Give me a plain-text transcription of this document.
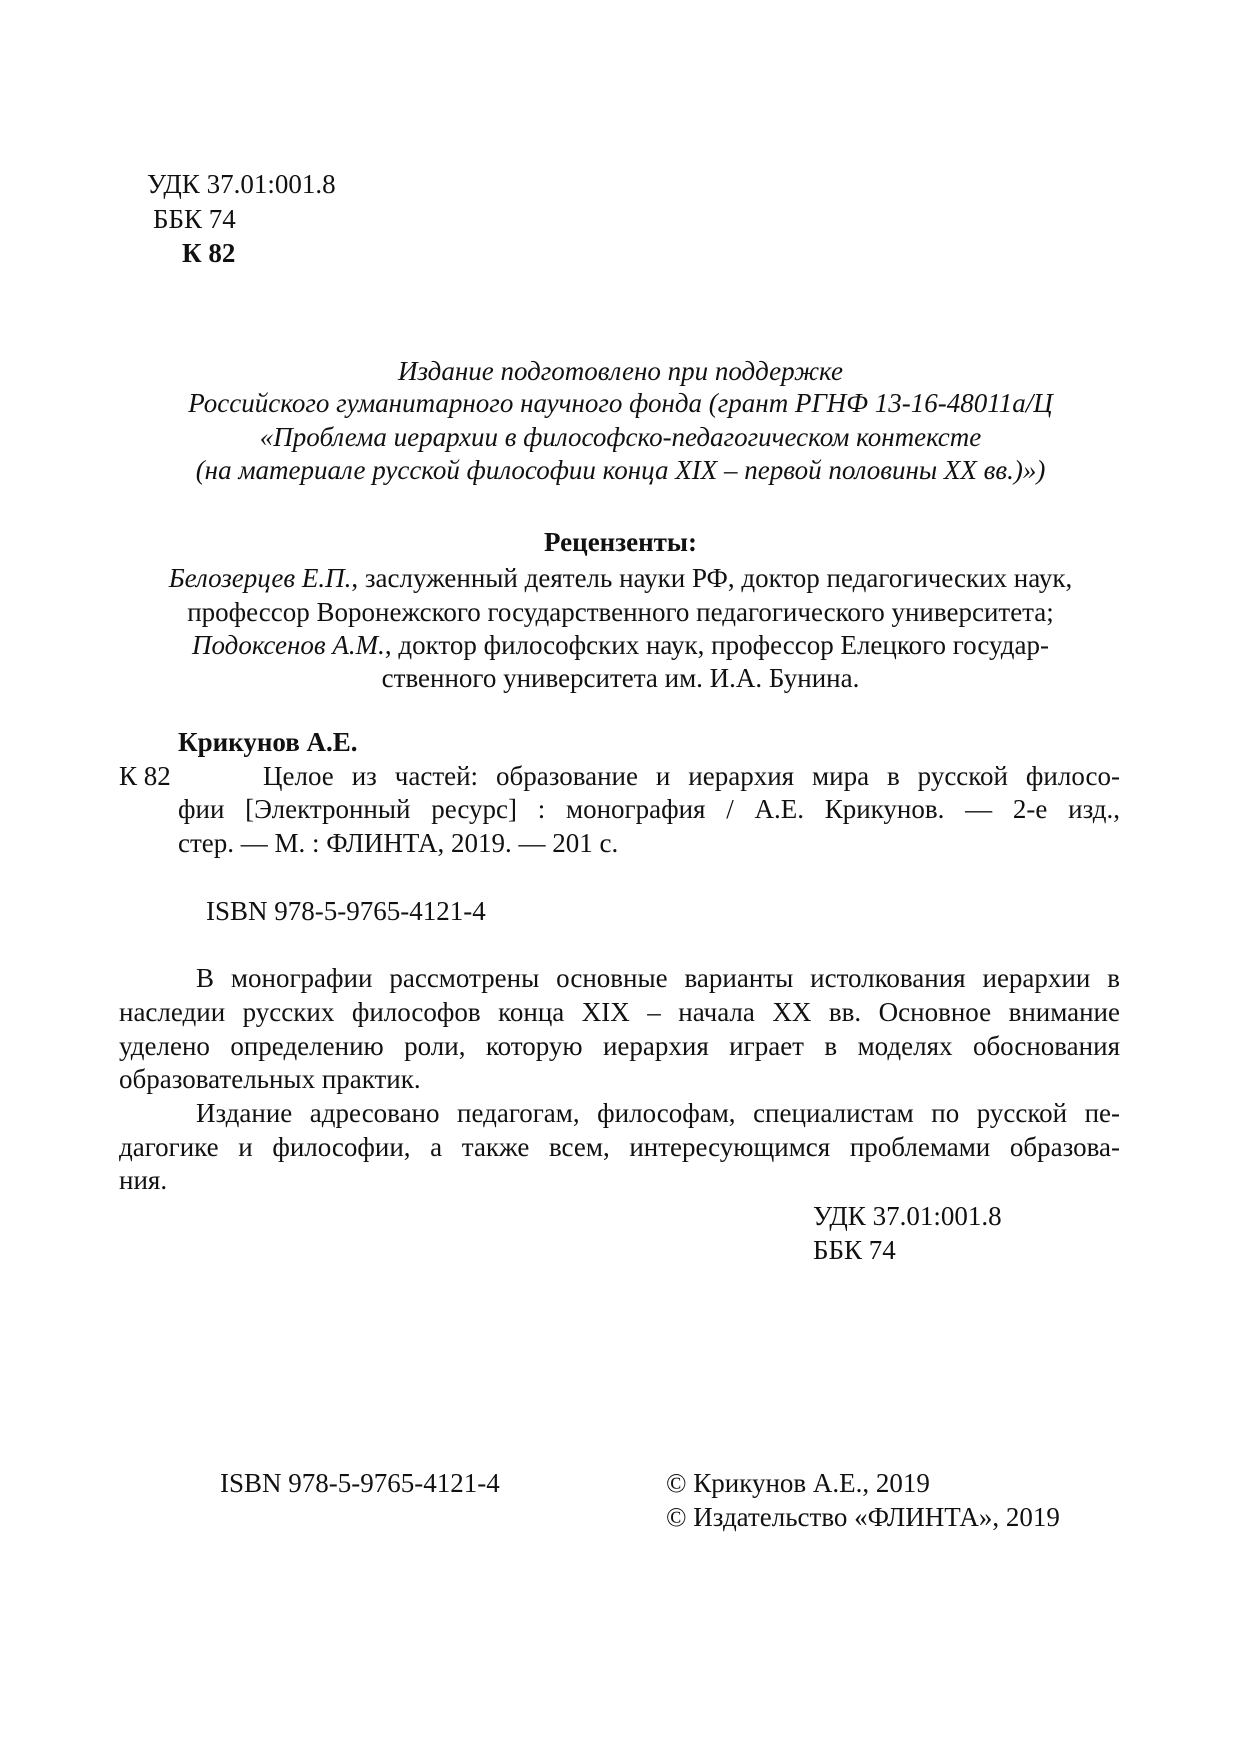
УДК 37.01:001.8

ББК 74

К 82

Издание подготовлено при поддержке

Российского гуманитарного научного фонда (грант РГНФ 13-16-48011а/Ц

«Проблема иерархии в философско-педагогическом контексте

(на материале русской философии конца XIX – первой половины XX вв.)»)

Рецензенты:

Белозерцев Е.П., заслуженный деятель науки РФ, доктор педагогических наук,

профессор Воронежского государственного педагогического университета;

Подоксенов А.М., доктор философских наук, профессор Елецкого государ-

ственного университета им. И.А. Бунина.

Крикунов А.Е.

К 82	Целое из частей: образование и иерархия мира в русской филосо-

фии [Электронный ресурс] : монография / А.Е. Крикунов. — 2-е изд.,

стер. — М. : ФЛИНТА, 2019. — 201 с.

ISBN 978-5-9765-4121-4

В монографии рассмотрены основные варианты истолкования иерархии в

наследии русских философов конца XIX – начала XX вв. Основное внимание

уделено определению роли, которую иерархия играет в моделях обоснования

образовательных практик.

Издание адресовано педагогам, философам, специалистам по русской пе-

дагогике и философии, а также всем, интересующимся проблемами образова-

ния.

УДК 37.01:001.8

ББК 74

ISBN 978-5-9765-4121-4	© Крикунов А.Е., 2019

© Издательство «ФЛИНТА», 2019
